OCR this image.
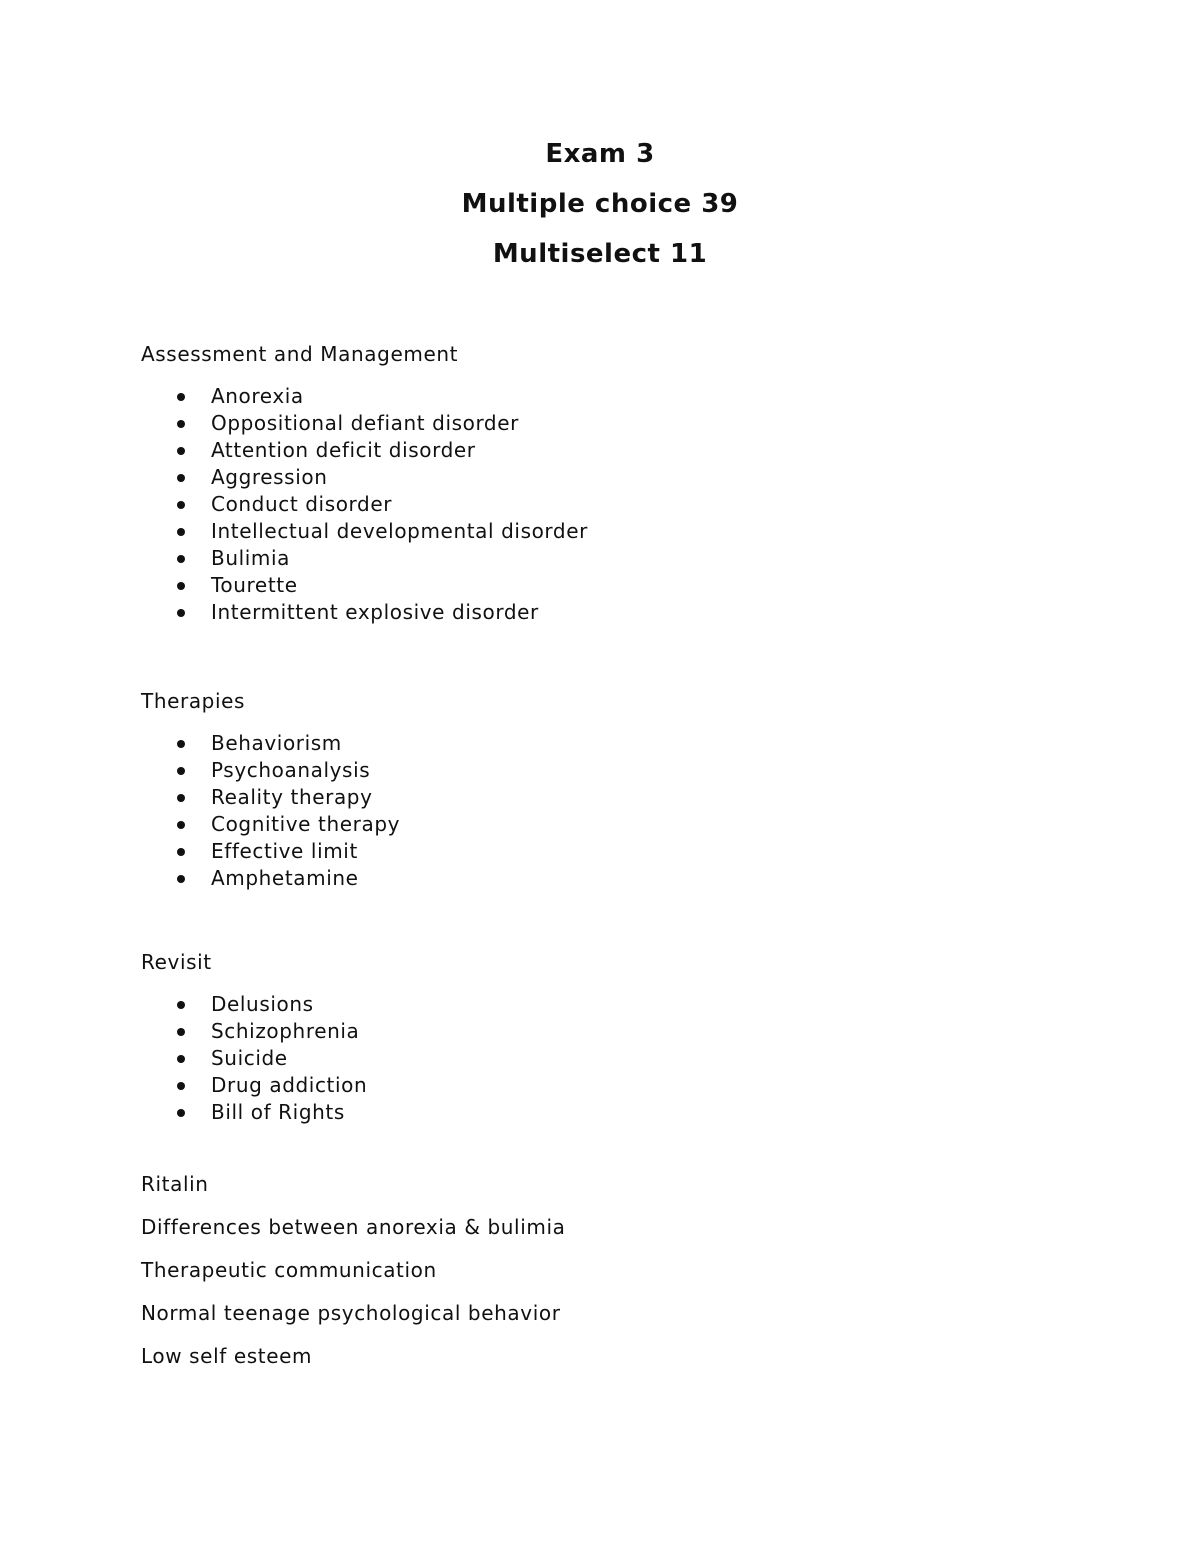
Exam 3
Multiple choice 39
Multiselect 11
Assessment and Management
Anorexia
Oppositional defiant disorder
Attention deficit disorder
Aggression
Conduct disorder
Intellectual developmental disorder
Bulimia
Tourette
Intermittent explosive disorder
Therapies
Behaviorism
Psychoanalysis
Reality therapy
Cognitive therapy
Effective limit
Amphetamine
Revisit
Delusions
Schizophrenia
Suicide
Drug addiction
Bill of Rights
Ritalin
Differences between anorexia & bulimia
Therapeutic communication
Normal teenage psychological behavior
Low self esteem
